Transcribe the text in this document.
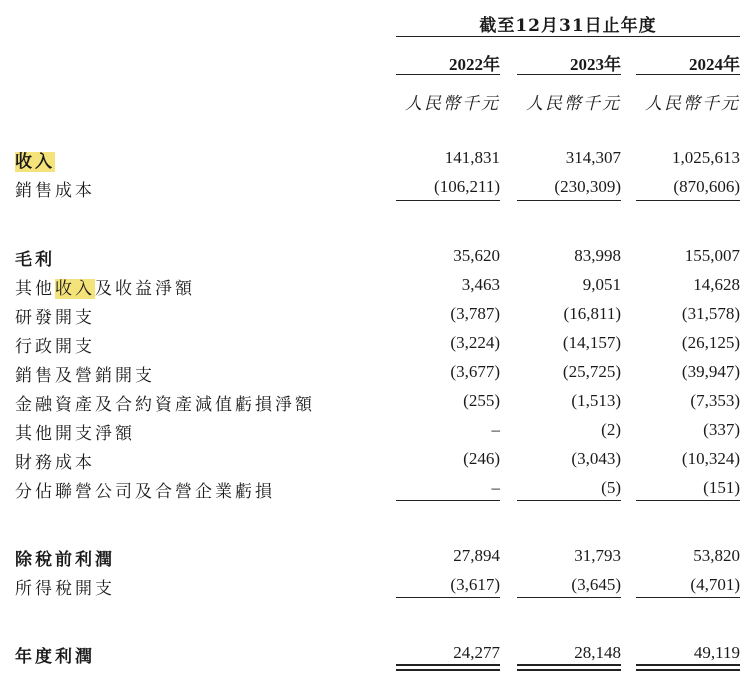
截至12月31日止年度
2022年	2023年	2024年
人民幣千元	人民幣千元	人民幣千元
收入	141,831	314,307	1,025,613
銷售成本	(106,211)	(230,309)	(870,606)
毛利	35,620	83,998	155,007
其他收入及收益淨額	3,463	9,051	14,628
研發開支	(3,787)	(16,811)	(31,578)
行政開支	(3,224)	(14,157)	(26,125)
銷售及營銷開支	(3,677)	(25,725)	(39,947)
金融資產及合約資產減值虧損淨額	(255)	(1,513)	(7,353)
其他開支淨額	–	(2)	(337)
財務成本	(246)	(3,043)	(10,324)
分佔聯營公司及合營企業虧損	–	(5)	(151)
除稅前利潤	27,894	31,793	53,820
所得稅開支	(3,617)	(3,645)	(4,701)
年度利潤	24,277	28,148	49,119
